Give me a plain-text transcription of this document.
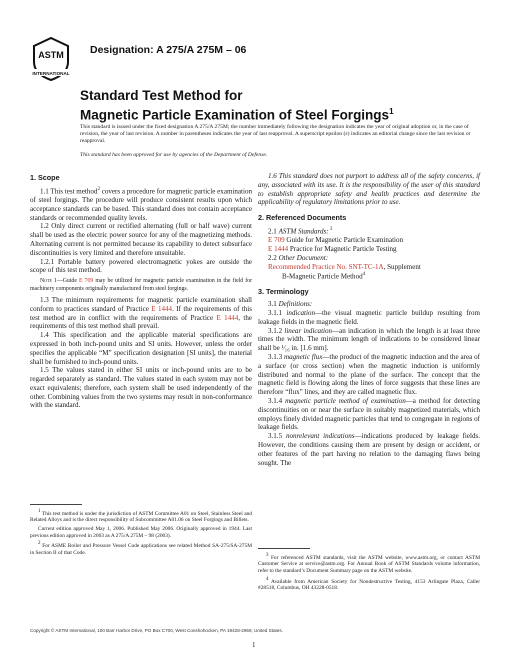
ASTM
INTERNATIONAL
Designation: A 275/A 275M – 06

Standard Test Method for

Magnetic Particle Examination of Steel Forgings$^1$

This standard is issued under the fixed designation A 275/A 275M; the number immediately following the designation indicates the year of original adoption or, in the case of revision, the year of last revision. A number in parentheses indicates the year of last reapproval. A superscript epsilon (ε) indicates an editorial change since the last revision or reapproval.
This standard has been approved for use by agencies of the Department of Defense.
1. Scope

1.1 This test method$^2$ covers a procedure for magnetic particle examination of steel forgings. The procedure will produce consistent results upon which acceptance standards can be based. This standard does not contain acceptance standards or recommended quality levels.

1.2 Only direct current or rectified alternating (full or half wave) current shall be used as the electric power source for any of the magnetizing methods. Alternating current is not permitted because its capability to detect subsurface discontinuities is very limited and therefore unsuitable.

1.2.1 Portable battery powered electromagnetic yokes are outside the scope of this test method.

Note 1—Guide E 709 may be utilized for magnetic particle examination in the field for machinery components originally manufactured from steel forgings.

1.3 The minimum requirements for magnetic particle examination shall conform to practices standard of Practice E 1444. If the requirements of this test method are in conflict with the requirements of Practice E 1444, the requirements of this test method shall prevail.

1.4 This specification and the applicable material specifications are expressed in both inch-pound units and SI units. However, unless the order specifies the applicable “M” specification designation [SI units], the material shall be furnished to inch-pound units.

1.5 The values stated in either SI units or inch-pound units are to be regarded separately as standard. The values stated in each system may not be exact equivalents; therefore, each system shall be used independently of the other. Combining values from the two systems may result in non-conformance with the standard.

$^1$ This test method is under the jurisdiction of ASTM Committee A01 on Steel, Stainless Steel and Related Alloys and is the direct responsibility of Subcommittee A01.06 on Steel Forgings and Billets.

Current edition approved May 1, 2006. Published May 2006. Originally approved in 1944. Last previous edition approved in 2003 as A 275/A 275M – 98 (2003).

$^2$ For ASME Boiler and Pressure Vessel Code applications see related Method SA-275/SA-275M in Section II of that Code.

1.6 This standard does not purport to address all of the safety concerns, if any, associated with its use. It is the responsibility of the user of this standard to establish appropriate safety and health practices and determine the applicability of regulatory limitations prior to use.

2. Referenced Documents

2.1 ASTM Standards: $^3$

E 709 Guide for Magnetic Particle Examination

E 1444 Practice for Magnetic Particle Testing

2.2 Other Document:

Recommended Practice No. SNT-TC-1A, Supplement

B-Magnetic Particle Method$^4$

3. Terminology

3.1 Definitions:

3.1.1 indication—the visual magnetic particle buildup resulting from leakage fields in the magnetic field.

3.1.2 linear indication—an indication in which the length is at least three times the width. The minimum length of indications to be considered linear shall be ¹⁄₁₆ in. [1.6 mm].

3.1.3 magnetic flux—the product of the magnetic induction and the area of a surface (or cross section) when the magnetic induction is uniformly distributed and normal to the plane of the surface. The concept that the magnetic field is flowing along the lines of force suggests that these lines are therefore “flux” lines, and they are called magnetic flux.

3.1.4 magnetic particle method of examination—a method for detecting discontinuities on or near the surface in suitably magnetized materials, which employs finely divided magnetic particles that tend to congregate in regions of leakage fields.

3.1.5 nonrelevant indications—indications produced by leakage fields. However, the conditions causing them are present by design or accident, or other features of the part having no relation to the damaging flaws being sought. The

$^3$ For referenced ASTM standards, visit the ASTM website, www.astm.org, or contact ASTM Customer Service at service@astm.org. For Annual Book of ASTM Standards volume information, refer to the standard’s Document Summary page on the ASTM website.

$^4$ Available from American Society for Nondestructive Testing, 4153 Arlingate Plaza, Caller #28518, Columbus, OH 43228-0518.

Copyright © ASTM International, 100 Barr Harbor Drive, PO Box C700, West Conshohocken, PA 19428-2959, United States.
1
